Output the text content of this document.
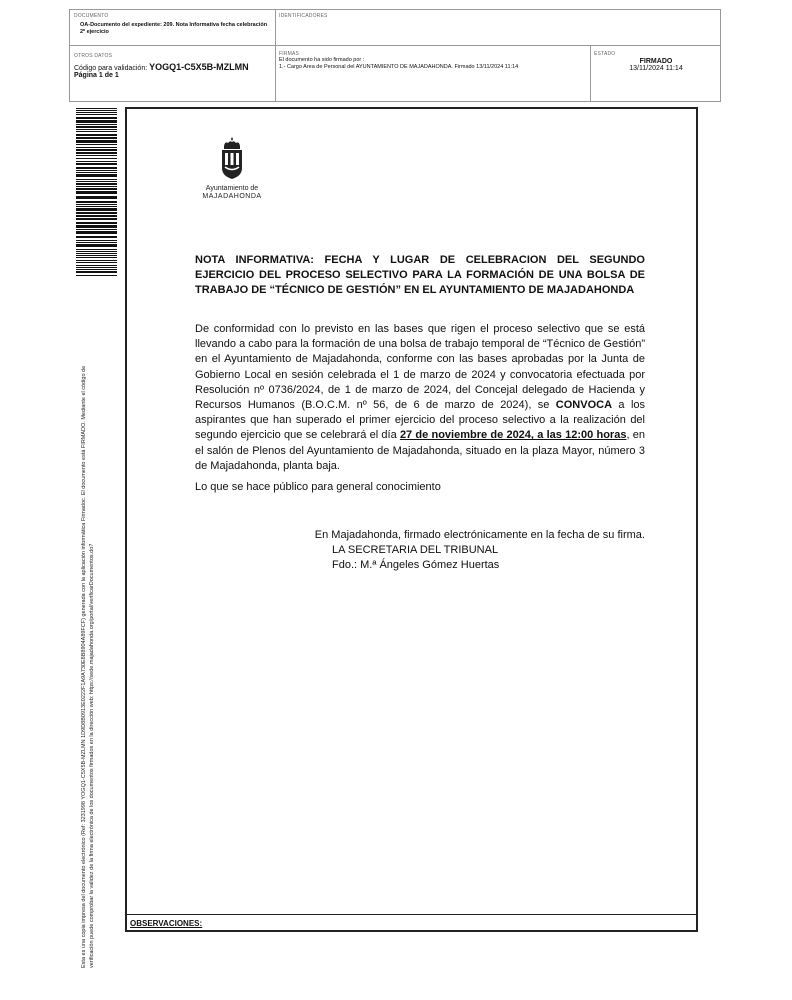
DOCUMENTO
OA-Documento del expediente: 209. Nota Informativa fecha celebración 2º ejercicio
IDENTIFICADORES
OTROS DATOS
Código para validación: YOGQ1-C5X5B-MZLMN
Página 1 de 1
FIRMAS
El documento ha sido firmado por :
1.- Cargo Area de Personal del AYUNTAMIENTO DE MAJADAHONDA. Firmado 13/11/2024 11:14
ESTADO
FIRMADO
13/11/2024 11:14
Esta es una copia impresa del documento electrónico (Ref: 3231998 YOGQ1-C5X5B-MZLMN 1D9D8B0913E0222F1A9A730E8B8904A89FCF) generada con la aplicación informática Firmadoc. El documento está FIRMADO. Mediante el código de verificación puede comprobar la validez de la firma electrónica de los documentos firmados en la dirección web: https://sede.majadahonda.org/portal/verificarDocumentos.do?	OBSERVACIONES:
Ayuntamiento de
MAJADAHONDA
NOTA INFORMATIVA: FECHA Y LUGAR DE CELEBRACION DEL SEGUNDO EJERCICIO DEL PROCESO SELECTIVO PARA LA FORMACIÓN DE UNA BOLSA DE TRABAJO DE “TÉCNICO DE GESTIÓN” EN EL AYUNTAMIENTO DE MAJADAHONDA
De conformidad con lo previsto en las bases que rigen el proceso selectivo que se está llevando a cabo para la formación de una bolsa de trabajo temporal de “Técnico de Gestión” en el Ayuntamiento de Majadahonda, conforme con las bases aprobadas por la Junta de Gobierno Local en sesión celebrada el 1 de marzo de 2024 y convocatoria efectuada por Resolución nº 0736/2024, de 1 de marzo de 2024, del Concejal delegado de Hacienda y Recursos Humanos (B.O.C.M. nº 56, de 6 de marzo de 2024), se CONVOCA a los aspirantes que han superado el primer ejercicio del proceso selectivo a la realización del segundo ejercicio que se celebrará el día 27 de noviembre de 2024, a las 12:00 horas, en el salón de Plenos del Ayuntamiento de Majadahonda, situado en la plaza Mayor, número 3 de Majadahonda, planta baja.
Lo que se hace público para general conocimiento
En Majadahonda, firmado electrónicamente en la fecha de su firma.
LA SECRETARIA DEL TRIBUNAL
Fdo.: M.ª Ángeles Gómez Huertas
